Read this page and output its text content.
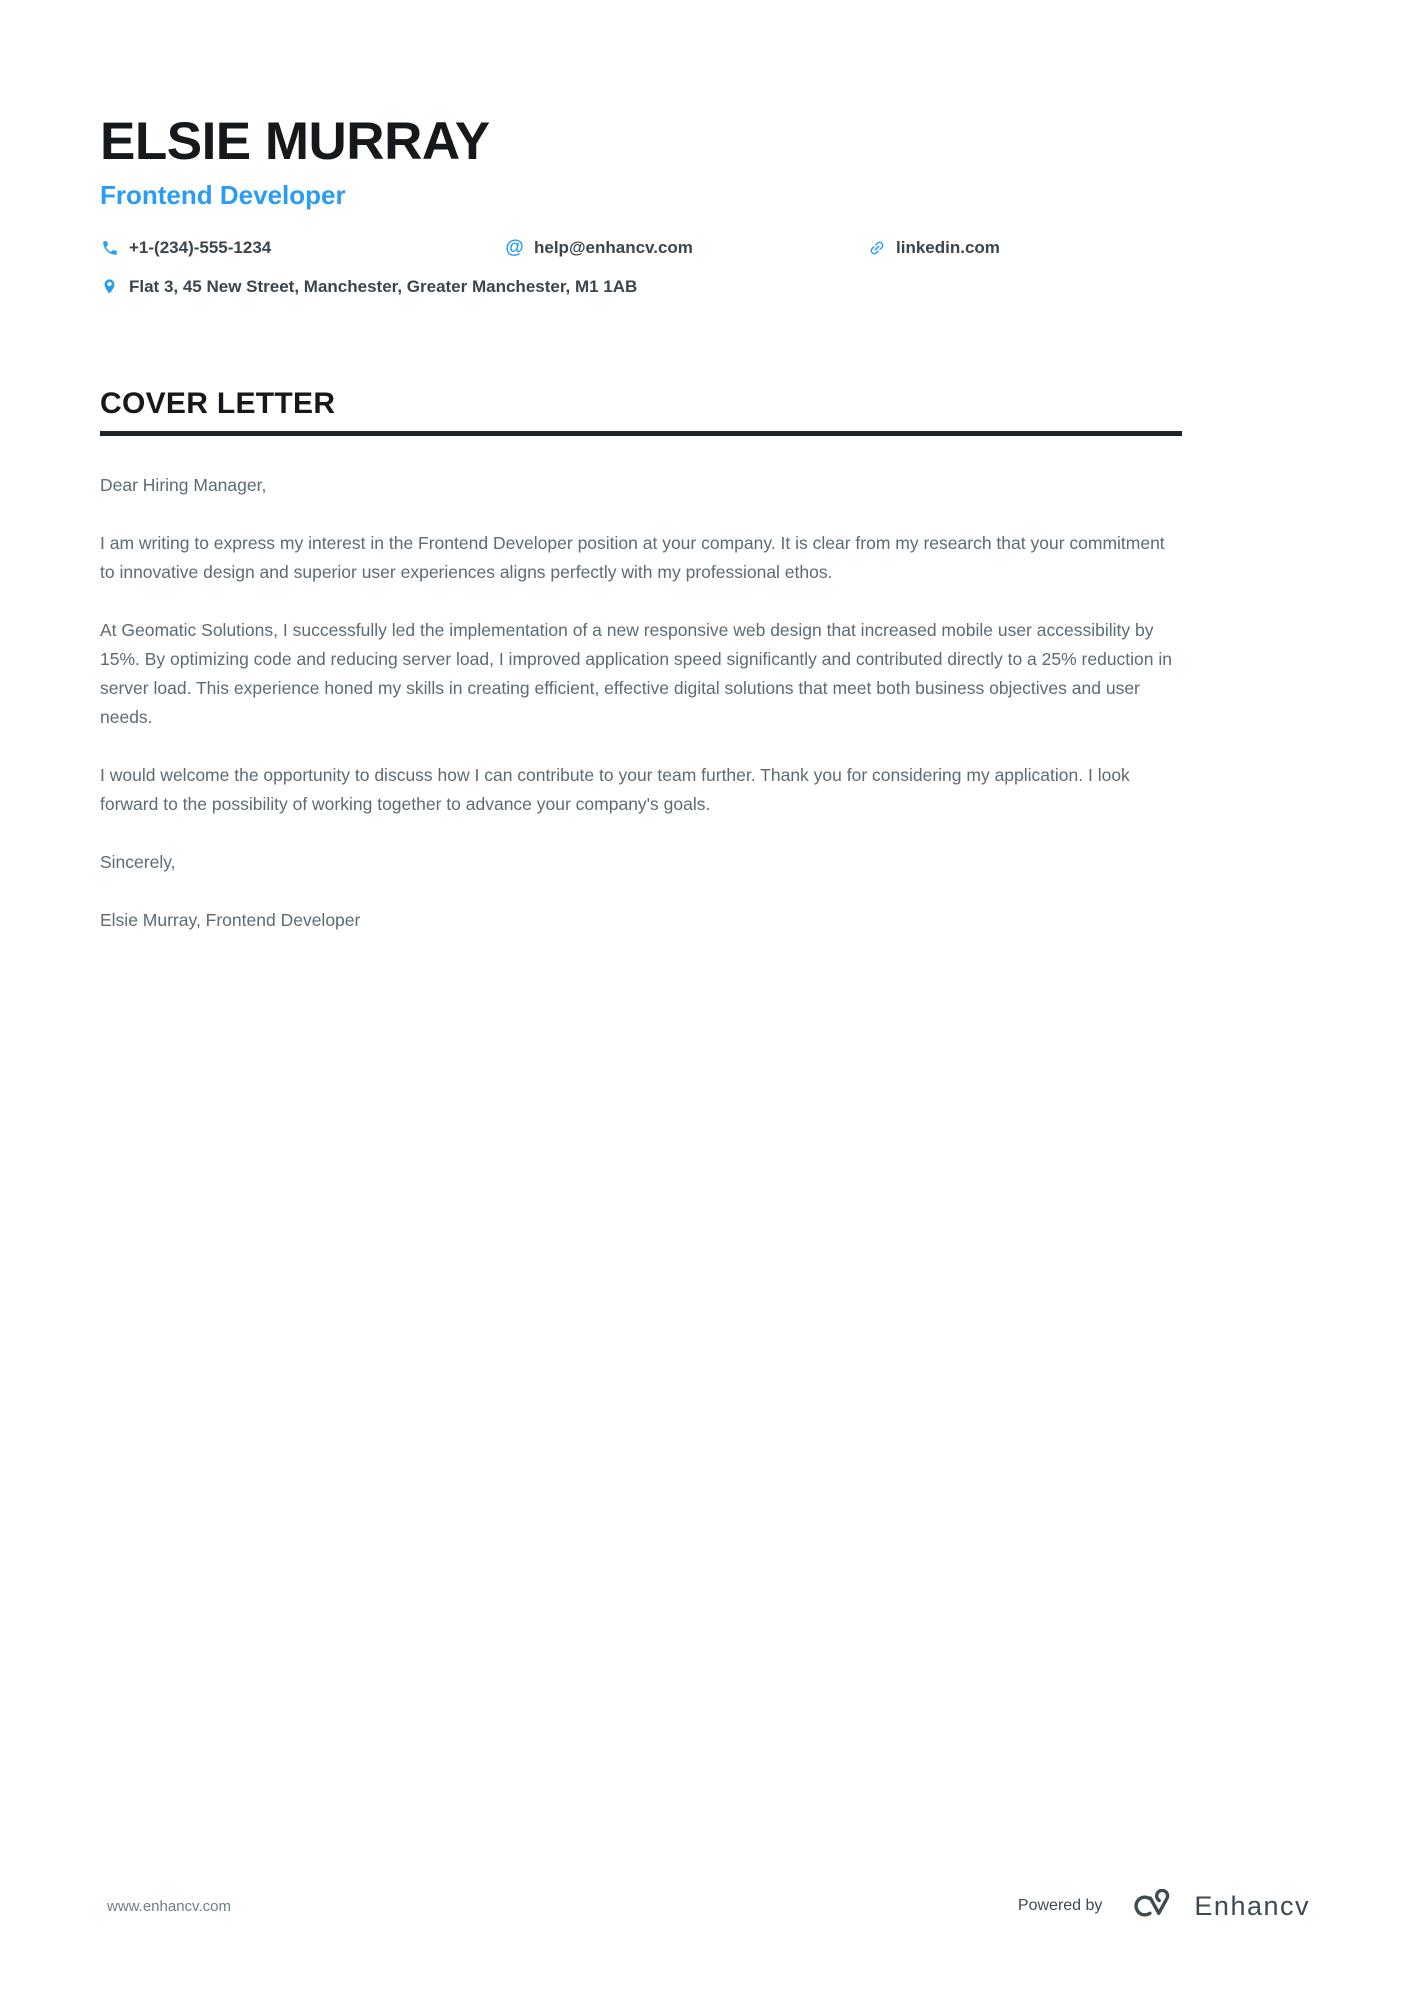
ELSIE MURRAY
Frontend Developer
+1-(234)-555-1234	@ help@enhancv.com	linkedin.com
Flat 3, 45 New Street, Manchester, Greater Manchester, M1 1AB
COVER LETTER

Dear Hiring Manager,

I am writing to express my interest in the Frontend Developer position at your company. It is clear from my research that your commitment to innovative design and superior user experiences aligns perfectly with my professional ethos.

At Geomatic Solutions, I successfully led the implementation of a new responsive web design that increased mobile user accessibility by 15%. By optimizing code and reducing server load, I improved application speed significantly and contributed directly to a 25% reduction in server load. This experience honed my skills in creating efficient, effective digital solutions that meet both business objectives and user needs.

I would welcome the opportunity to discuss how I can contribute to your team further. Thank you for considering my application. I look forward to the possibility of working together to advance your company's goals.

Sincerely,

Elsie Murray, Frontend Developer

www.enhancv.com	Powered by	Enhancv
